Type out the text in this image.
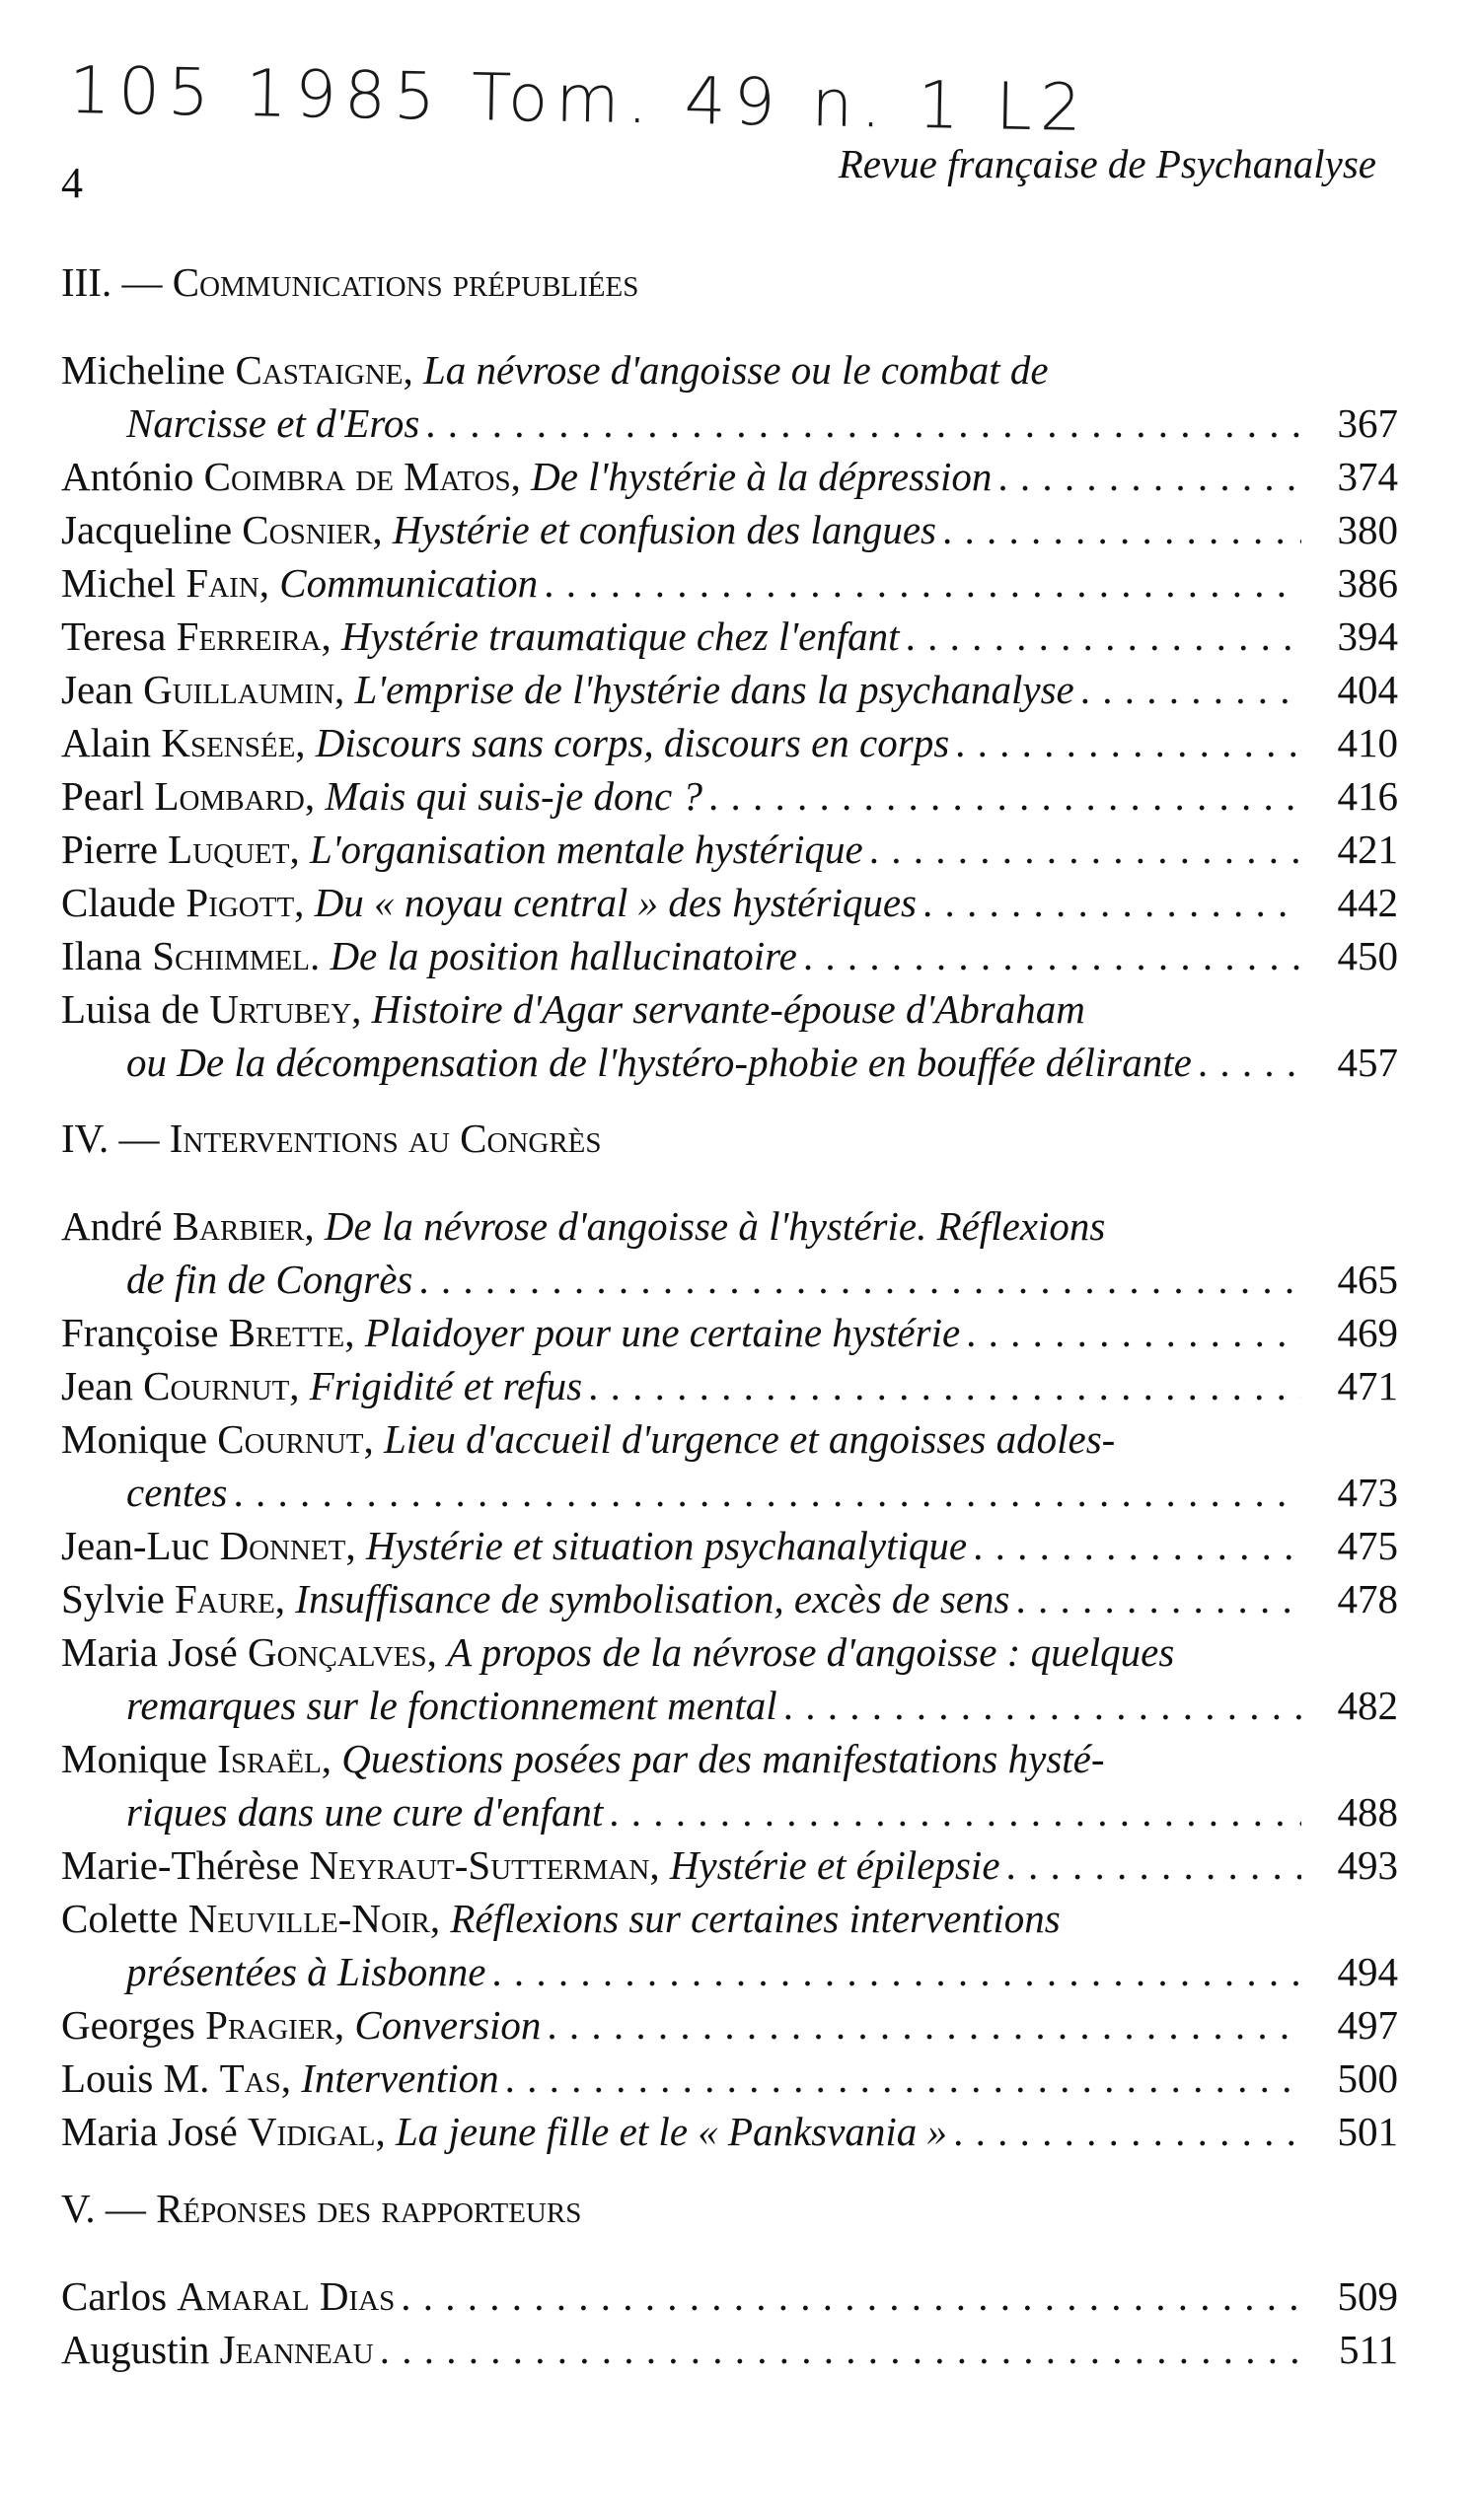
105 1985 Tom. 49 n. 1 L2
4	Revue française de Psychanalyse
III. — Communications prépubliées
Micheline Castaigne, La névrose d'angoisse ou le combat de
Narcisse et d'Eros . . .	367
António Coimbra de Matos, De l'hystérie à la dépression . . .	374
Jacqueline Cosnier, Hystérie et confusion des langues . . .	380
Michel Fain, Communication . . .	386
Teresa Ferreira, Hystérie traumatique chez l'enfant . . .	394
Jean Guillaumin, L'emprise de l'hystérie dans la psychanalyse . . .	404
Alain Ksensée, Discours sans corps, discours en corps . . .	410
Pearl Lombard, Mais qui suis-je donc ? . . .	416
Pierre Luquet, L'organisation mentale hystérique . . .	421
Claude Pigott, Du « noyau central » des hystériques . . .	442
Ilana Schimmel. De la position hallucinatoire . . .	450
Luisa de Urtubey, Histoire d'Agar servante-épouse d'Abraham
ou De la décompensation de l'hystéro-phobie en bouffée délirante . . .	457
IV. — Interventions au Congrès
André Barbier, De la névrose d'angoisse à l'hystérie. Réflexions
de fin de Congrès . . .	465
Françoise Brette, Plaidoyer pour une certaine hystérie . . .	469
Jean Cournut, Frigidité et refus . . .	471
Monique Cournut, Lieu d'accueil d'urgence et angoisses adoles-
centes . . .	473
Jean-Luc Donnet, Hystérie et situation psychanalytique . . .	475
Sylvie Faure, Insuffisance de symbolisation, excès de sens . . .	478
Maria José Gonçalves, A propos de la névrose d'angoisse : quelques
remarques sur le fonctionnement mental . . .	482
Monique Israël, Questions posées par des manifestations hysté-
riques dans une cure d'enfant . . .	488
Marie-Thérèse Neyraut-Sutterman, Hystérie et épilepsie . . .	493
Colette Neuville-Noir, Réflexions sur certaines interventions
présentées à Lisbonne . . .	494
Georges Pragier, Conversion . . .	497
Louis M. Tas, Intervention . . .	500
Maria José Vidigal, La jeune fille et le « Panksvania » . . .	501
V. — Réponses des rapporteurs
Carlos Amaral Dias . . .	509
Augustin Jeanneau . . .	511
